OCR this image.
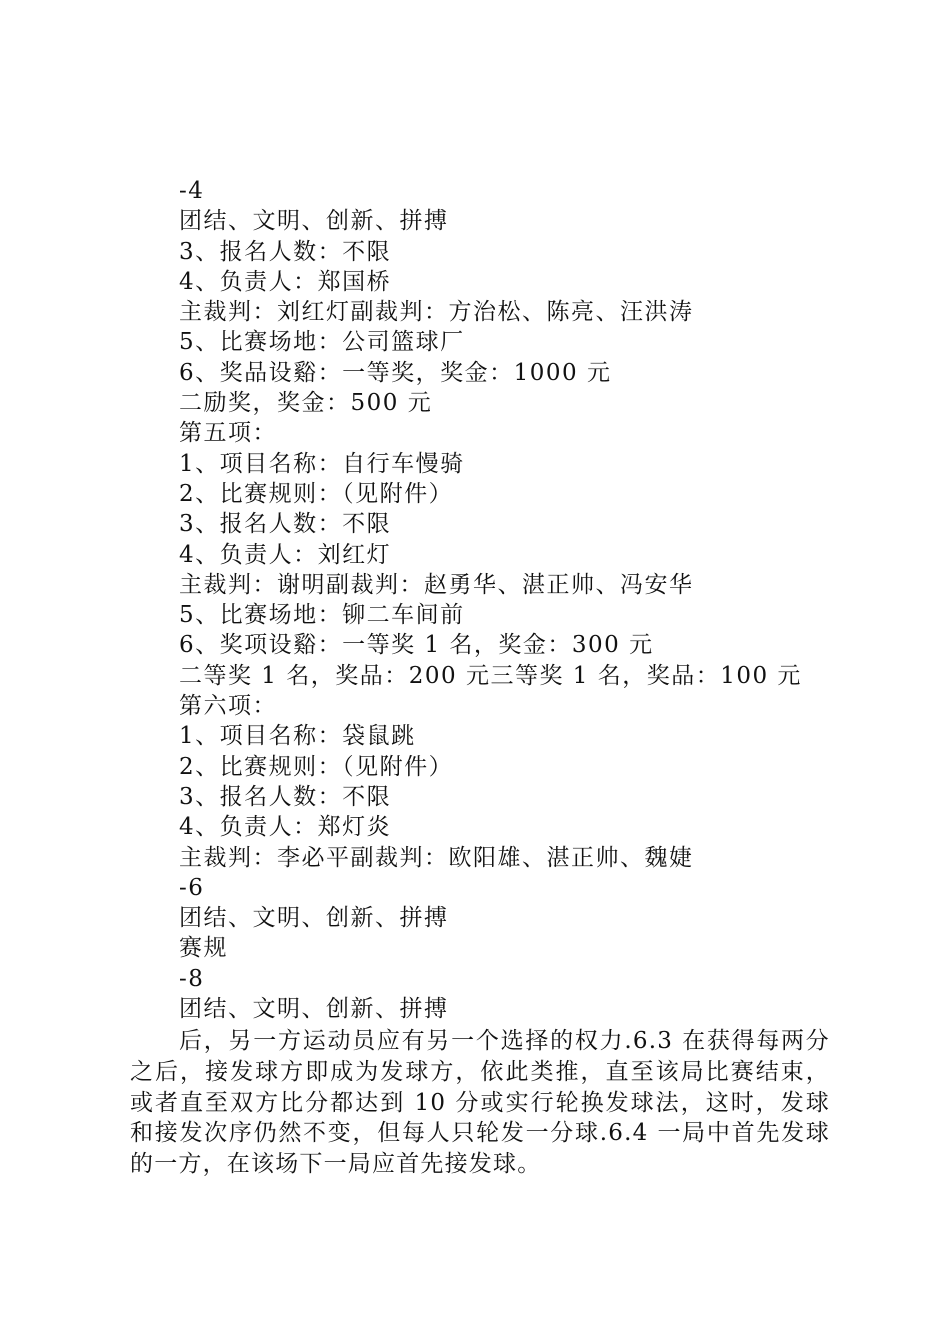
-4
团结、文明、创新、拼搏
3、报名人数：不限
4、负责人：郑国桥
主裁判：刘红灯副裁判：方治松、陈亮、汪洪涛
5、比赛场地：公司篮球厂
6、奖品设谿：一等奖，奖金：1000 元
二励奖，奖金：500 元
第五项：
1、项目名称：自行车慢骑
2、比赛规则：（见附件）
3、报名人数：不限
4、负责人：刘红灯
主裁判：谢明副裁判：赵勇华、湛正帅、冯安华
5、比赛场地：铆二车间前
6、奖项设谿：一等奖 1 名，奖金：300 元
二等奖 1 名，奖品：200 元三等奖 1 名，奖品：100 元
第六项：
1、项目名称：袋鼠跳
2、比赛规则：（见附件）
3、报名人数：不限
4、负责人：郑灯炎
主裁判：李必平副裁判：欧阳雄、湛正帅、魏婕
-6
团结、文明、创新、拼搏
赛规
-8
团结、文明、创新、拼搏

后，另一方运动员应有另一个选择的权力.6.3 在获得每两分之后，接发球方即成为发球方，依此类推，直至该局比赛结束，或者直至双方比分都达到 10 分或实行轮换发球法，这时，发球和接发次序仍然不变，但每人只轮发一分球.6.4 一局中首先发球的一方，在该场下一局应首先接发球。
